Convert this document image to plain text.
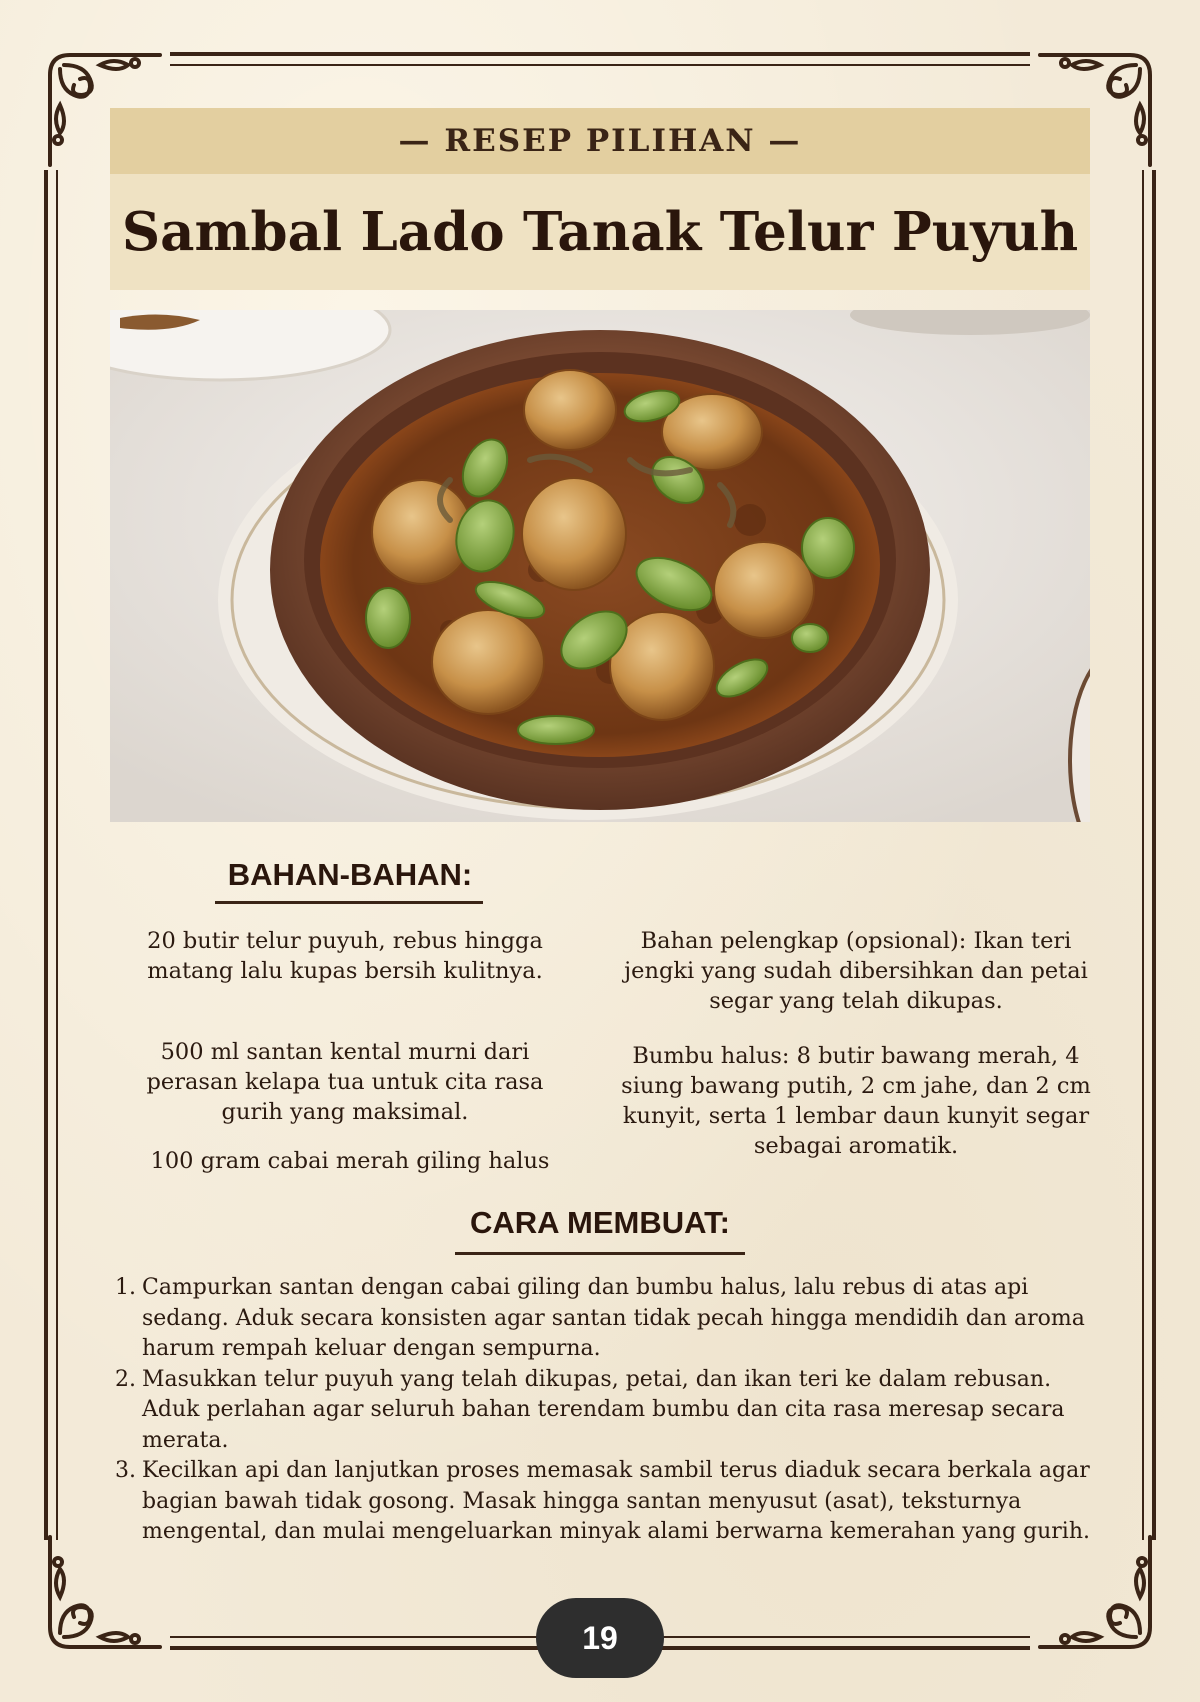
— RESEP PILIHAN —
Sambal Lado Tanak Telur Puyuh
BAHAN-BAHAN:
20 butir telur puyuh, rebus hingga matang lalu kupas bersih kulitnya.
Bahan pelengkap (opsional): Ikan teri jengki yang sudah dibersihkan dan petai segar yang telah dikupas.
500 ml santan kental murni dari perasan kelapa tua untuk cita rasa gurih yang maksimal.
Bumbu halus: 8 butir bawang merah, 4 siung bawang putih, 2 cm jahe, dan 2 cm kunyit, serta 1 lembar daun kunyit segar sebagai aromatik.
100 gram cabai merah giling halus
CARA MEMBUAT:
1. Campurkan santan dengan cabai giling dan bumbu halus, lalu rebus di atas api sedang. Aduk secara konsisten agar santan tidak pecah hingga mendidih dan aroma harum rempah keluar dengan sempurna.
2. Masukkan telur puyuh yang telah dikupas, petai, dan ikan teri ke dalam rebusan. Aduk perlahan agar seluruh bahan terendam bumbu dan cita rasa meresap secara merata.
3. Kecilkan api dan lanjutkan proses memasak sambil terus diaduk secara berkala agar bagian bawah tidak gosong. Masak hingga santan menyusut (asat), teksturnya mengental, dan mulai mengeluarkan minyak alami berwarna kemerahan yang gurih.
19
